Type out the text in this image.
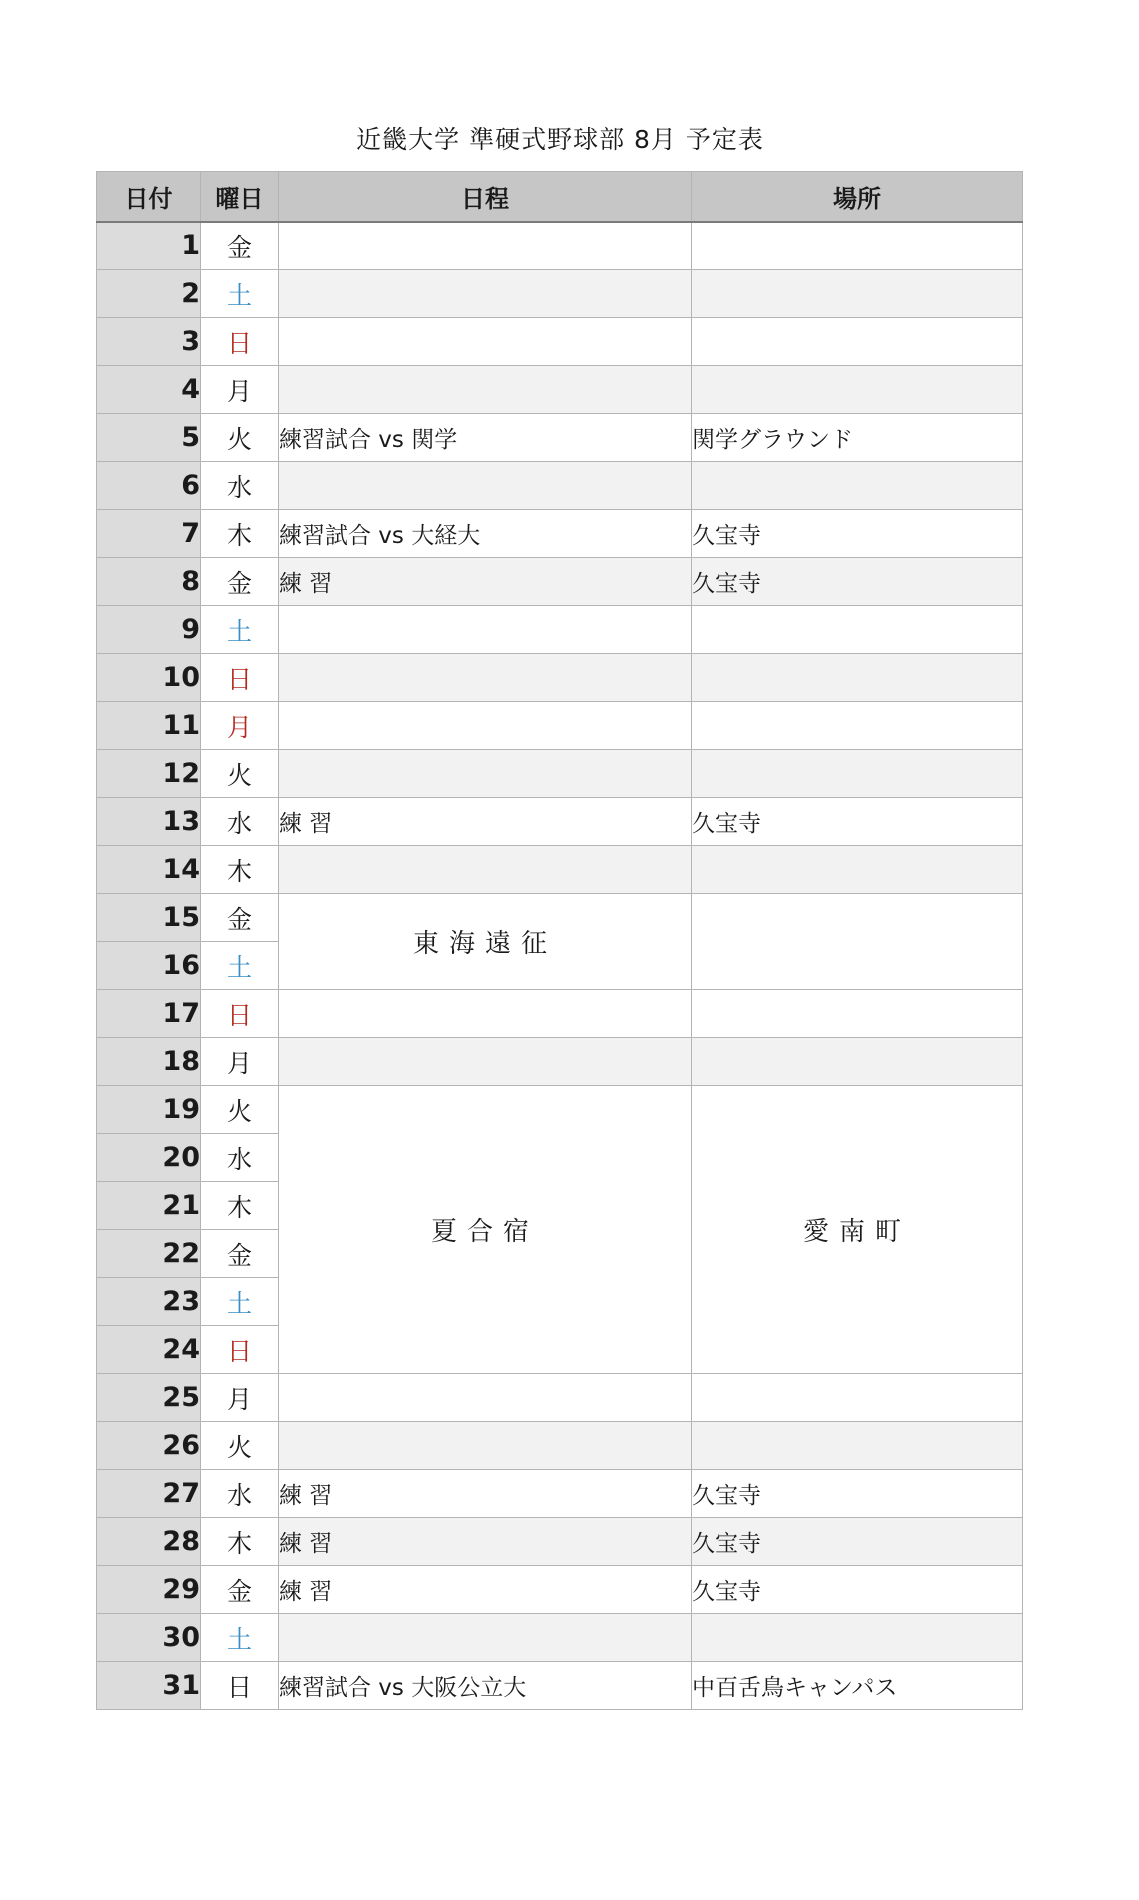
近畿大学 準硬式野球部 8月 予定表
日付	曜日	日程	場所
1	金		
2	土		
3	日		
4	月		
5	火	練習試合 vs 関学	関学グラウンド
6	水		
7	木	練習試合 vs 大経大	久宝寺
8	金	練 習	久宝寺
9	土		
10	日		
11	月		
12	火		
13	水	練 習	久宝寺
14	木		
15	金	東海遠征	
16	土		
17	日		
18	月		
19	火	夏合宿	愛南町
20	水		
21	木		
22	金		
23	土		
24	日		
25	月		
26	火		
27	水	練 習	久宝寺
28	木	練 習	久宝寺
29	金	練 習	久宝寺
30	土		
31	日	練習試合 vs 大阪公立大	中百舌鳥キャンパス
